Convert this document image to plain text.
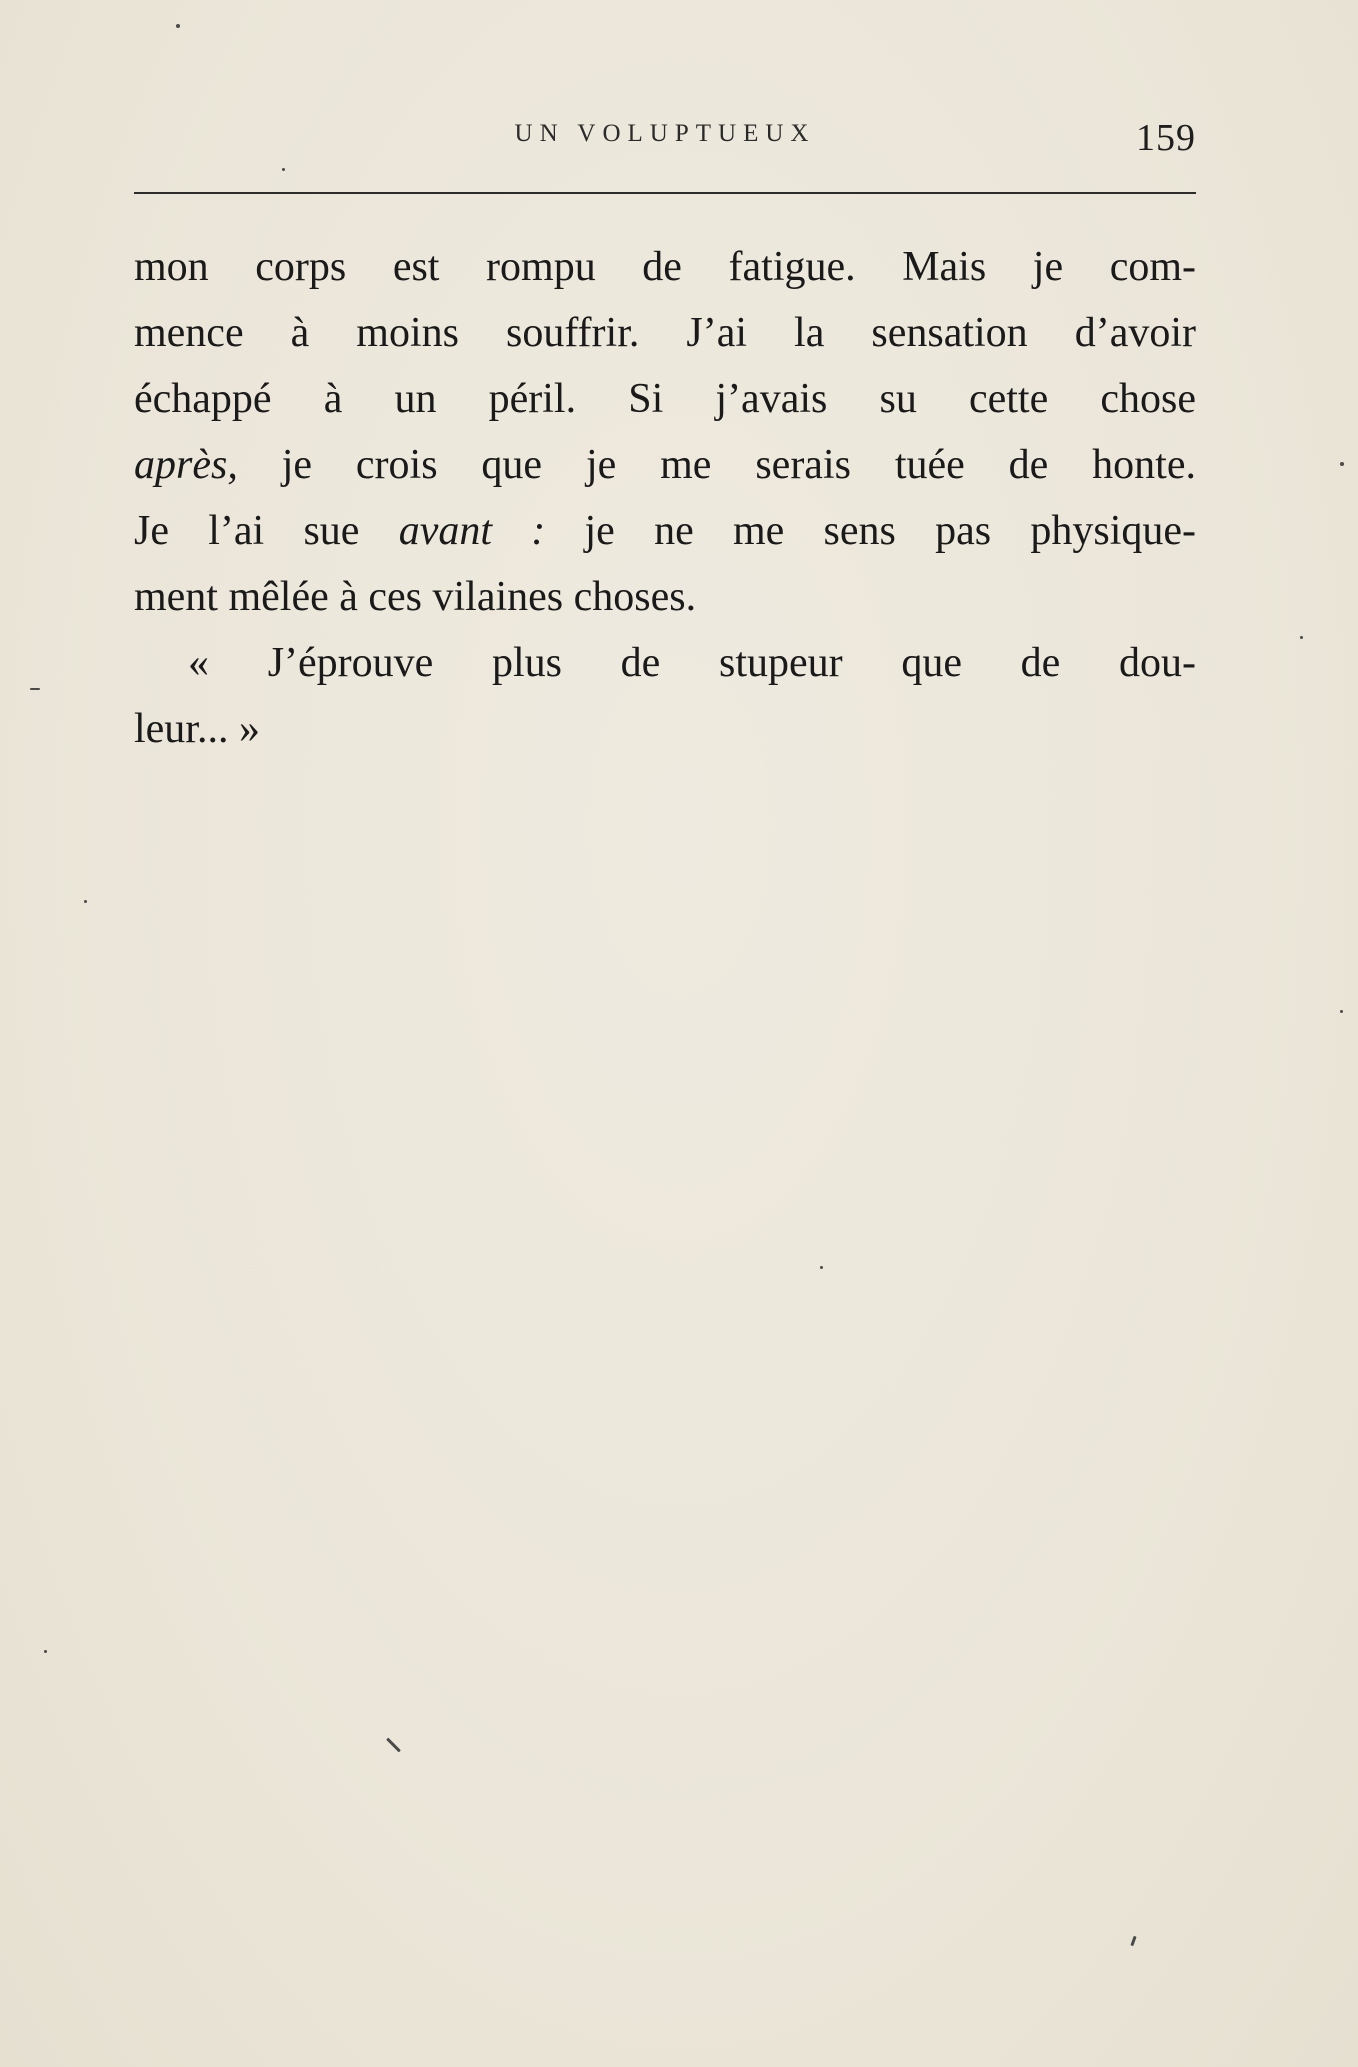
UN VOLUPTUEUX	159
mon corps est rompu de fatigue. Mais je com-
mence à moins souffrir. J’ai la sensation d’avoir
échappé à un péril. Si j’avais su cette chose
après, je crois que je me serais tuée de honte.
Je l’ai sue avant : je ne me sens pas physique-
ment mêlée à ces vilaines choses.
« J’éprouve plus de stupeur que de dou-
leur... »
